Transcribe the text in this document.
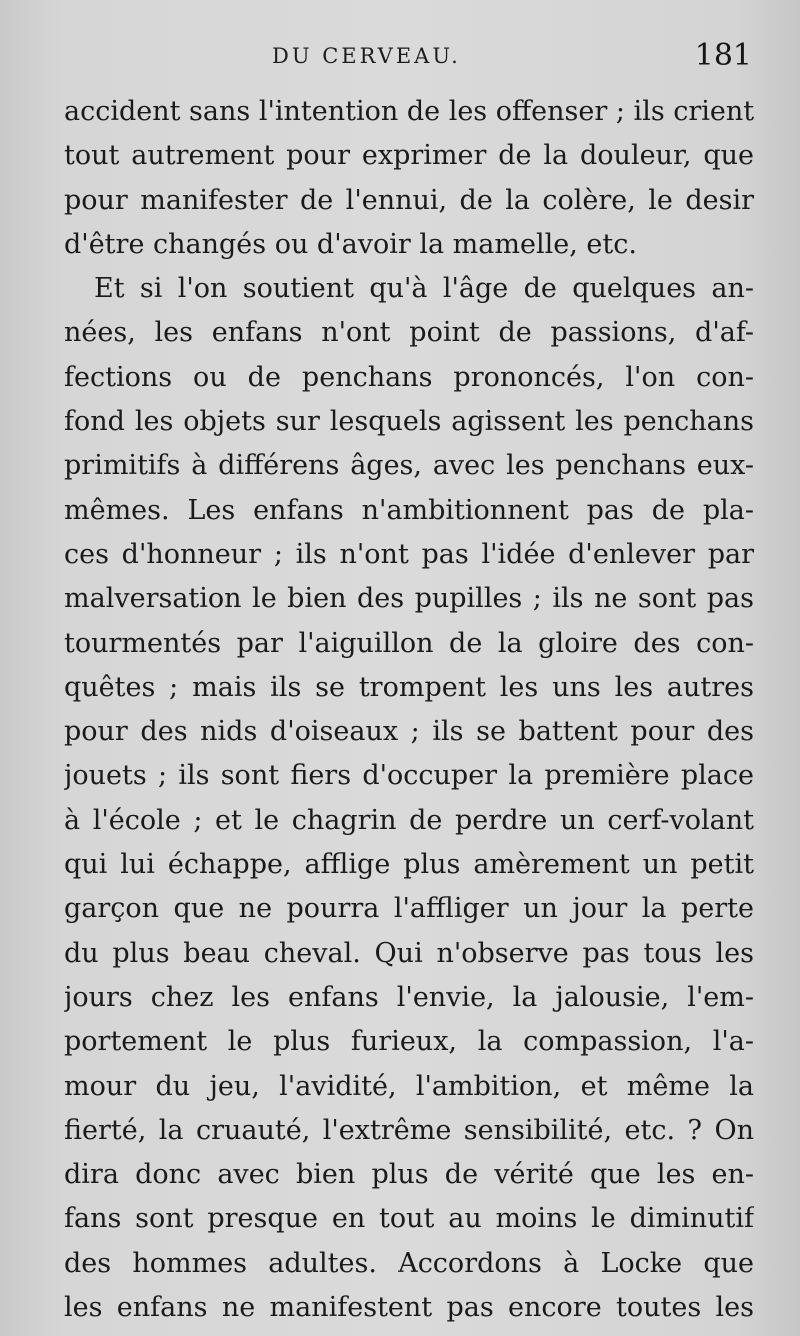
DU CERVEAU.	181
accident sans l'intention de les offenser ; ils crient
tout autrement pour exprimer de la douleur, que
pour manifester de l'ennui, de la colère, le desir
d'être changés ou d'avoir la mamelle, etc.
Et si l'on soutient qu'à l'âge de quelques an-
nées, les enfans n'ont point de passions, d'af-
fections ou de penchans prononcés, l'on con-
fond les objets sur lesquels agissent les penchans
primitifs à différens âges, avec les penchans eux-
mêmes. Les enfans n'ambitionnent pas de pla-
ces d'honneur ; ils n'ont pas l'idée d'enlever par
malversation le bien des pupilles ; ils ne sont pas
tourmentés par l'aiguillon de la gloire des con-
quêtes ; mais ils se trompent les uns les autres
pour des nids d'oiseaux ; ils se battent pour des
jouets ; ils sont fiers d'occuper la première place
à l'école ; et le chagrin de perdre un cerf-volant
qui lui échappe, afflige plus amèrement un petit
garçon que ne pourra l'affliger un jour la perte
du plus beau cheval. Qui n'observe pas tous les
jours chez les enfans l'envie, la jalousie, l'em-
portement le plus furieux, la compassion, l'a-
mour du jeu, l'avidité, l'ambition, et même la
fierté, la cruauté, l'extrême sensibilité, etc. ? On
dira donc avec bien plus de vérité que les en-
fans sont presque en tout au moins le diminutif
des hommes adultes. Accordons à Locke que
les enfans ne manifestent pas encore toutes les
